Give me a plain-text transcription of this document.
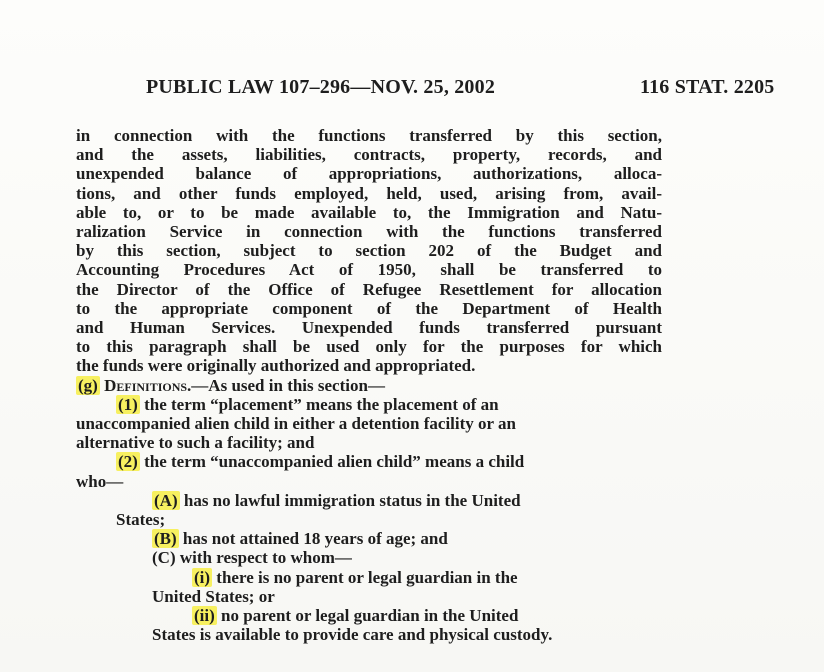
PUBLIC LAW 107–296—NOV. 25, 2002	116 STAT. 2205
in connection with the functions transferred by this section,
and the assets, liabilities, contracts, property, records, and
unexpended balance of appropriations, authorizations, alloca-
tions, and other funds employed, held, used, arising from, avail-
able to, or to be made available to, the Immigration and Natu-
ralization Service in connection with the functions transferred
by this section, subject to section 202 of the Budget and
Accounting Procedures Act of 1950, shall be transferred to
the Director of the Office of Refugee Resettlement for allocation
to the appropriate component of the Department of Health
and Human Services. Unexpended funds transferred pursuant
to this paragraph shall be used only for the purposes for which
the funds were originally authorized and appropriated.
(g) Definitions.—As used in this section—
(1) the term “placement” means the placement of an
unaccompanied alien child in either a detention facility or an
alternative to such a facility; and
(2) the term “unaccompanied alien child” means a child
who—
(A) has no lawful immigration status in the United
States;
(B) has not attained 18 years of age; and
(C) with respect to whom—
(i) there is no parent or legal guardian in the
United States; or
(ii) no parent or legal guardian in the United
States is available to provide care and physical custody.
